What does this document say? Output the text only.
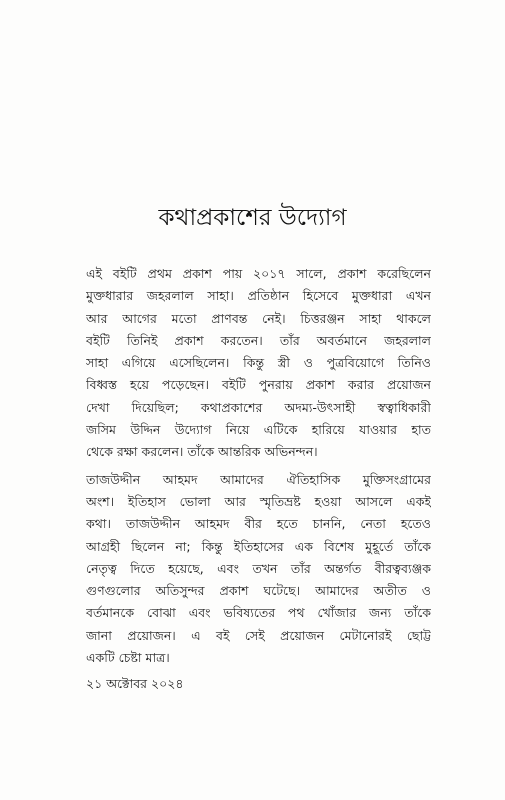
কথাপ্রকাশের উদ্যোগ
এই বইটি প্রথম প্রকাশ পায় ২০১৭ সালে, প্রকাশ করেছিলেন
মুক্তধারার জহরলাল সাহা। প্রতিষ্ঠান হিসেবে মুক্তধারা এখন
আর আগের মতো প্রাণবন্ত নেই। চিত্তরঞ্জন সাহা থাকলে
বইটি তিনিই প্রকাশ করতেন। তাঁর অবর্তমানে জহরলাল
সাহা এগিয়ে এসেছিলেন। কিন্তু স্ত্রী ও পুত্রবিয়োগে তিনিও
বিধ্বস্ত হয়ে পড়েছেন। বইটি পুনরায় প্রকাশ করার প্রয়োজন
দেখা দিয়েছিল; কথাপ্রকাশের অদম্য-উৎসাহী স্বত্বাধিকারী
জসিম উদ্দিন উদ্যোগ নিয়ে এটিকে হারিয়ে যাওয়ার হাত
থেকে রক্ষা করলেন। তাঁকে আন্তরিক অভিনন্দন।
তাজউদ্দীন আহমদ আমাদের ঐতিহাসিক মুক্তিসংগ্রামের
অংশ। ইতিহাস ভোলা আর স্মৃতিভ্রষ্ট হওয়া আসলে একই
কথা। তাজউদ্দীন আহমদ বীর হতে চাননি, নেতা হতেও
আগ্রহী ছিলেন না; কিন্তু ইতিহাসের এক বিশেষ মুহূর্তে তাঁকে
নেতৃত্ব দিতে হয়েছে, এবং তখন তাঁর অন্তর্গত বীরত্বব্যঞ্জক
গুণগুলোর অতিসুন্দর প্রকাশ ঘটেছে। আমাদের অতীত ও
বর্তমানকে বোঝা এবং ভবিষ্যতের পথ খোঁজার জন্য তাঁকে
জানা প্রয়োজন। এ বই সেই প্রয়োজন মেটানোরই ছোট্ট
একটি চেষ্টা মাত্র।
২১ অক্টোবর ২০২৪
